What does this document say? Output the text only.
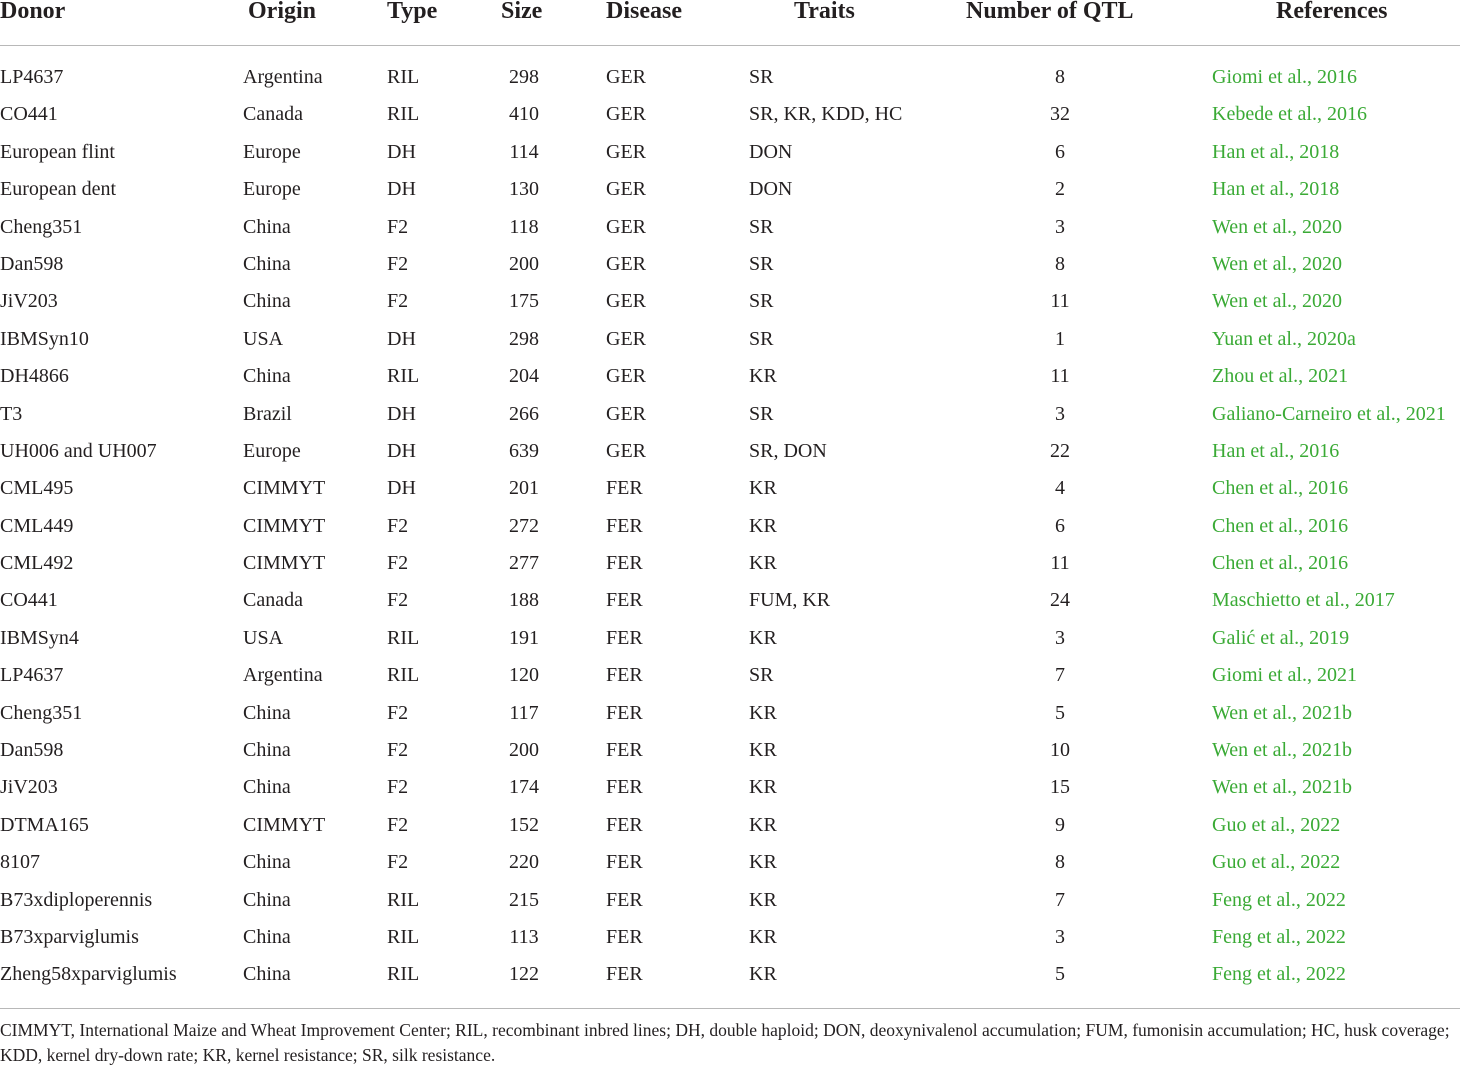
Donor	Origin	Type	Size	Disease	Traits	Number of QTL	References
LP4637	Argentina	RIL	298	GER	SR	8	Giomi et al., 2016
CO441	Canada	RIL	410	GER	SR, KR, KDD, HC	32	Kebede et al., 2016
European flint	Europe	DH	114	GER	DON	6	Han et al., 2018
European dent	Europe	DH	130	GER	DON	2	Han et al., 2018
Cheng351	China	F2	118	GER	SR	3	Wen et al., 2020
Dan598	China	F2	200	GER	SR	8	Wen et al., 2020
JiV203	China	F2	175	GER	SR	11	Wen et al., 2020
IBMSyn10	USA	DH	298	GER	SR	1	Yuan et al., 2020a
DH4866	China	RIL	204	GER	KR	11	Zhou et al., 2021
T3	Brazil	DH	266	GER	SR	3	Galiano-Carneiro et al., 2021
UH006 and UH007	Europe	DH	639	GER	SR, DON	22	Han et al., 2016
CML495	CIMMYT	DH	201	FER	KR	4	Chen et al., 2016
CML449	CIMMYT	F2	272	FER	KR	6	Chen et al., 2016
CML492	CIMMYT	F2	277	FER	KR	11	Chen et al., 2016
CO441	Canada	F2	188	FER	FUM, KR	24	Maschietto et al., 2017
IBMSyn4	USA	RIL	191	FER	KR	3	Galić et al., 2019
LP4637	Argentina	RIL	120	FER	SR	7	Giomi et al., 2021
Cheng351	China	F2	117	FER	KR	5	Wen et al., 2021b
Dan598	China	F2	200	FER	KR	10	Wen et al., 2021b
JiV203	China	F2	174	FER	KR	15	Wen et al., 2021b
DTMA165	CIMMYT	F2	152	FER	KR	9	Guo et al., 2022
8107	China	F2	220	FER	KR	8	Guo et al., 2022
B73xdiploperennis	China	RIL	215	FER	KR	7	Feng et al., 2022
B73xparviglumis	China	RIL	113	FER	KR	3	Feng et al., 2022
Zheng58xparviglumis	China	RIL	122	FER	KR	5	Feng et al., 2022
CIMMYT, International Maize and Wheat Improvement Center; RIL, recombinant inbred lines; DH, double haploid; DON, deoxynivalenol accumulation; FUM, fumonisin accumulation; HC, husk coverage; KDD, kernel dry-down rate; KR, kernel resistance; SR, silk resistance.
